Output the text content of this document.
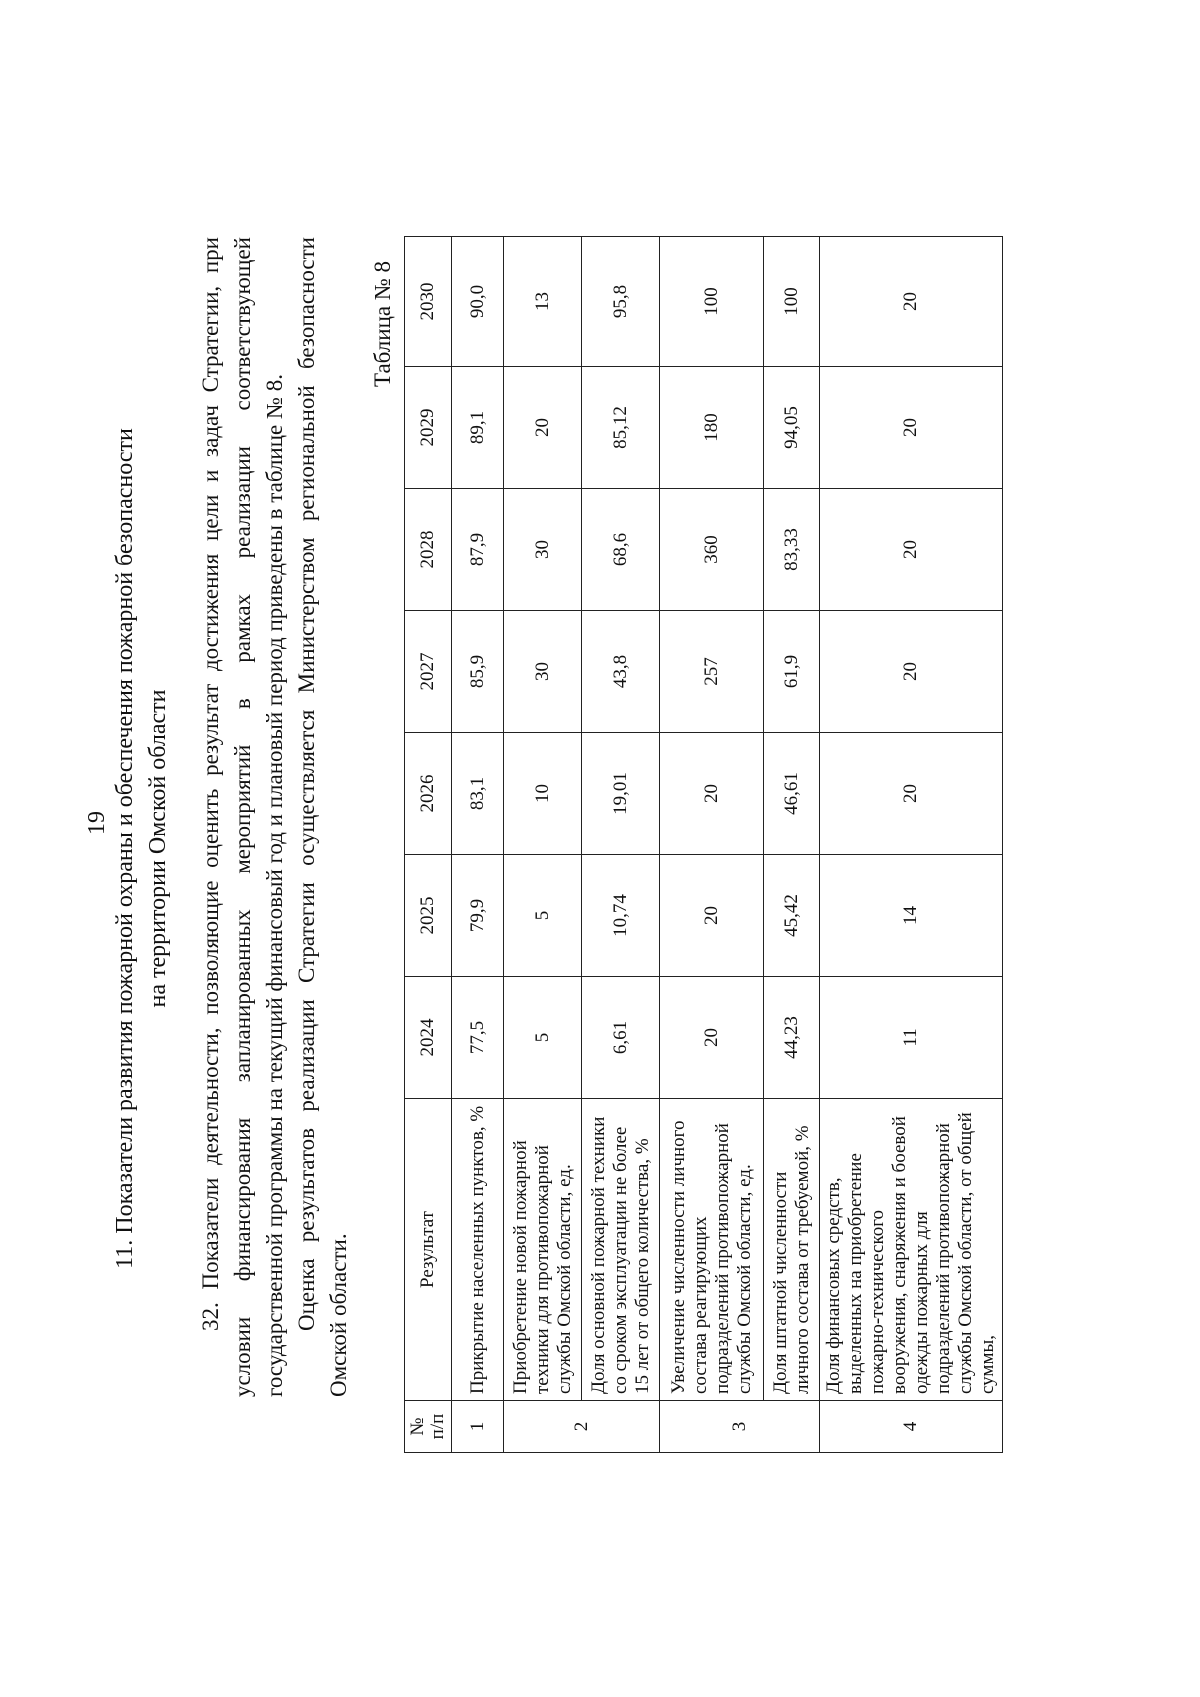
19 11. Показатели развития пожарной охраны и обеспечения пожарной безопасности на территории Омской области 32. Показатели деятельности, позволяющие оценить результат достижения цели и задач Стратегии, при условии финансирования запланированных мероприятий в рамках реализации соответствующей государственной программы на текущий финансовый год и плановый период приведены в таблице № 8. Оценка результатов реализации Стратегии осуществляется Министерством региональной безопасности Омской области.
Таблица № 8
№
п/п	Результат	2024	2025	2026	2027	2028	2029	2030
1	Прикрытие населенных пунктов, %	77,5	79,9	83,1	85,9	87,9	89,1	90,0
2	Приобретение новой пожарной техники для противопожарной службы Омской области, ед.	5	5	10	30	30	20	13
	Доля основной пожарной техники со сроком эксплуатации не более 15 лет от общего количества, %	6,61	10,74	19,01	43,8	68,6	85,12	95,8
3	Увеличение численности личного состава реагирующих подразделений противопожарной службы Омской области, ед.	20	20	20	257	360	180	100
	Доля штатной численности личного состава от требуемой, %	44,23	45,42	46,61	61,9	83,33	94,05	100
4	Доля финансовых средств, выделенных на приобретение пожарно-технического вооружения, снаряжения и боевой одежды пожарных для подразделений противопожарной службы Омской области, от общей суммы,	11	14	20	20	20	20	20
